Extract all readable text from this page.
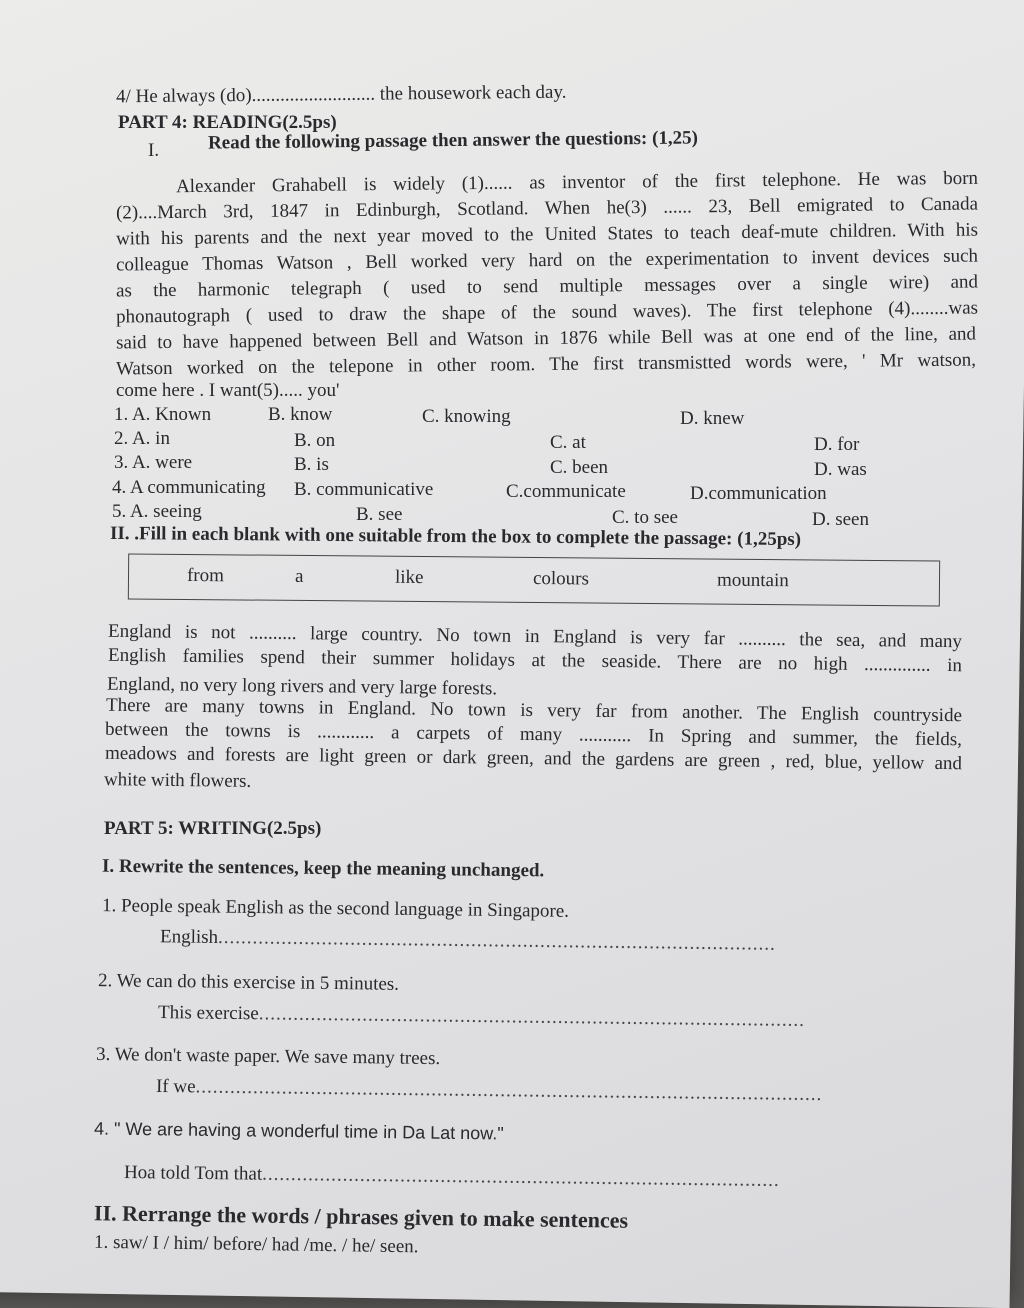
4/ He always (do).......................... the housework each day.
PART 4: READING(2.5ps)
I.	Read the following passage then answer the questions: (1,25)
Alexander Grahabell is widely (1)...... as inventor of the first telephone. He was born
(2)....March 3rd, 1847 in Edinburgh, Scotland. When he(3) ...... 23, Bell emigrated to Canada
with his parents and the next year moved to the United States to teach deaf-mute children. With his
colleague Thomas Watson , Bell worked very hard on the experimentation to invent devices such
as the harmonic telegraph ( used to send multiple messages over a single wire) and
phonautograph ( used to draw the shape of the sound waves). The first telephone (4)........was
said to have happened between Bell and Watson in 1876 while Bell was at one end of the line, and
Watson worked on the telepone in other room. The first transmistted words were, ' Mr watson,
come here . I want(5)..... you'
1. A. Known	B. know	C. knowing	D. knew
2. A. in	B. on	C. at	D. for
3. A. were	B. is	C. been	D. was
4. A communicating B. communicative	C.communicate	D.communication
5. A. seeing	B. see	C. to see	D. seen
II. .Fill in each blank with one suitable from the box to complete the passage: (1,25ps)
from	a	like	colours	mountain
England is not .......... large country. No town in England is very far .......... the sea, and many
English families spend their summer holidays at the seaside. There are no high .............. in
England, no very long rivers and very large forests.
There are many towns in England. No town is very far from another. The English countryside
between the towns is ............ a carpets of many ........... In Spring and summer, the fields,
meadows and forests are light green or dark green, and the gardens are green , red, blue, yellow and
white with flowers.
PART 5: WRITING(2.5ps)
I. Rewrite the sentences, keep the meaning unchanged.
1. People speak English as the second language in Singapore.
English.................................................................................................
2. We can do this exercise in 5 minutes.
This exercise...............................................................................................
3. We don't waste paper. We save many trees.
If we.............................................................................................................
4. " We are having a wonderful time in Da Lat now."
Hoa told Tom that..........................................................................................
II. Rerrange the words / phrases given to make sentences
1. saw/ I / him/ before/ had /me. / he/ seen.
